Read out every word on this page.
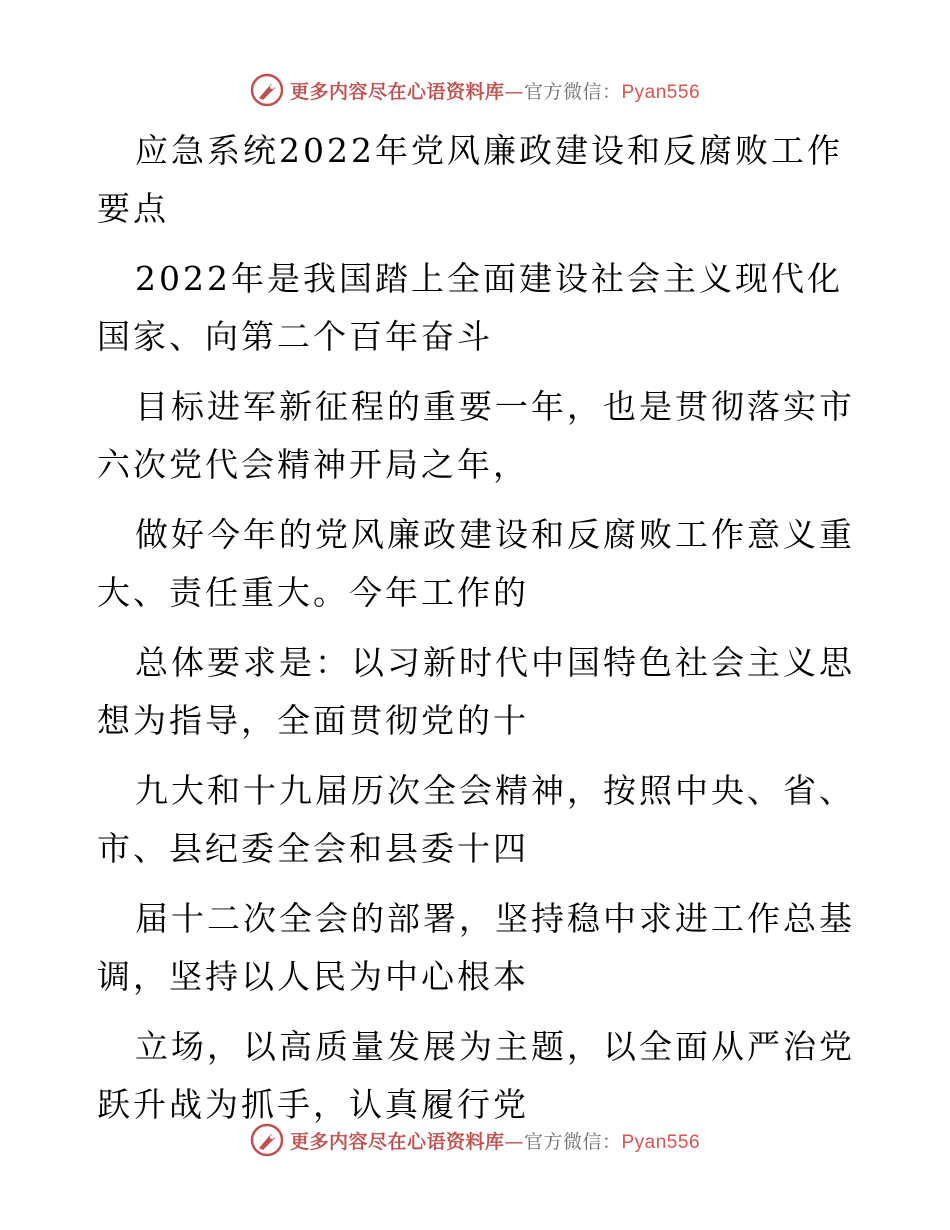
更多内容尽在心语资料库—官方微信：Pyan556

应急系统2022年党风廉政建设和反腐败工作要点

2022年是我国踏上全面建设社会主义现代化国家、向第二个百年奋斗

目标进军新征程的重要一年，也是贯彻落实市六次党代会精神开局之年，

做好今年的党风廉政建设和反腐败工作意义重大、责任重大。今年工作的

总体要求是：以习新时代中国特色社会主义思想为指导，全面贯彻党的十

九大和十九届历次全会精神，按照中央、省、市、县纪委全会和县委十四

届十二次全会的部署，坚持稳中求进工作总基调，坚持以人民为中心根本

立场，以高质量发展为主题，以全面从严治党跃升战为抓手，认真履行党

更多内容尽在心语资料库—官方微信：Pyan556
